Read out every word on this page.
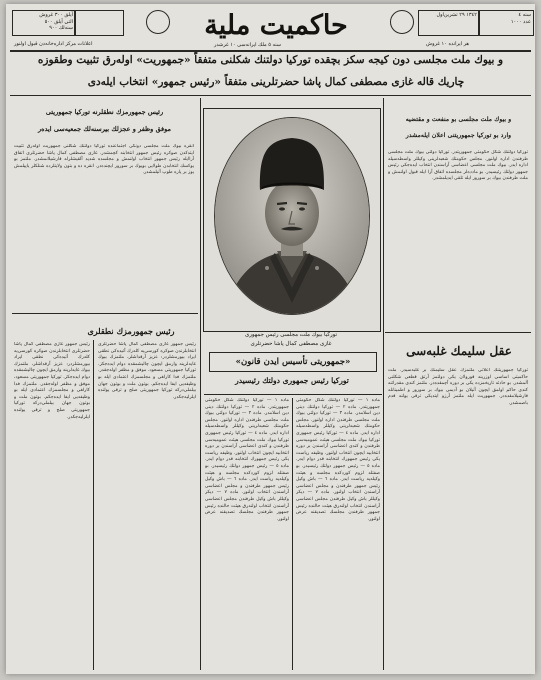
آيلق ٣٠٠ غروش
التي آيلق ٥٠٠
سنه‌لك ٩٠٠
	حاكميت ملية	١٣٤٢ ۲۹ تشرين‌اول	سنه ٤
عدد ۱۰۰۰
اعلانات مركز اداره‌خانه‌دن قبول اولنور	سنه ٥ ملك ايرانه‌سی ١٠ غرشدر	هر ايرانده ١٠ غروش
و بيوك ملت مجلسی دون كيجه سكز بچقده تورکيا دولتنك شكلنی متفقاً «جمهوريت» اولەرق تثبيت وطقوزه
چاريك قالە غازی مصطفی كمال پاشا حضرتلرينی متفقاً «رئيس جمهور» انتخاب ايلەدی
رئيس جمهورمزك نطقلرنه تورکيا جمهوريتی
موفق وظفر و عجزلك بيرسنه‌لك جمعيەسی ايده‌ر
انقره بيوك ملت مجلسی دونكی اجتماعنده تورکيا دولتنك شكلنی جمهوريت اولەرق تثبيت ايتدكدن صوكره رئيس جمهور انتخابنه كچمشدر. غازی مصطفی كمال پاشا حضرتلری اتفاق آراايله رئيس جمهور انتخاب اولنمش و مجلسده شديد آلقيشلرله قارشيلانمشدر. ملتمز بو يوكسك انتخابدن طولايی بويوك بر سورور ايچنده‌در. انقره ده و بتون ولايتلرده شنلكلر ياپيلمش يوز بر پاره طوپ آتيلمشدر.
رئيس جمهورمزك نطقلری
رئيس جمهور غازی مصطفی كمال پاشا حضرتلری انتخابلرندن صوكره كورسی‌يه كله‌رك آتيده‌كی نطقی ايراد بيورمشلردر: عزيز آرقداشلر، ملتمزك بيوك غايه‌لرينه وارمق ايچون چاليشمقده دوام ايده‌جكز. تورکيا جمهوريتی مسعود، موفق و مظفر اوله‌جقدر. ملتمزك فدا كارلغی و مجلسمزك اعتمادی ايله بو وظيفه‌يی ايفا ايده‌جكم. بوتون ملت و بوتون جهان بيلملی‌درکه تورکيا جمهوريتی صلح و ترقی يولنده ايلرلیه‌جكدر.
رئيس جمهور غازی مصطفی كمال پاشا حضرتلری انتخابلرندن صوكره كورسی‌يه كله‌رك آتيده‌كی نطقی ايراد بيورمشلردر: عزيز آرقداشلر، ملتمزك بيوك غايه‌لرينه وارمق ايچون چاليشمقده دوام ايده‌جكز. تورکيا جمهوريتی مسعود، موفق و مظفر اوله‌جقدر. ملتمزك فدا كارلغی و مجلسمزك اعتمادی ايله بو وظيفه‌يی ايفا ايده‌جكم. بوتون ملت و بوتون جهان بيلملی‌درکه تورکيا جمهوريتی صلح و ترقی يولنده ايلرلیه‌جكدر.
تورکيا بيوك ملت مجلسی رئيس جمهوری
غازی مصطفی كمال پاشا حضرتلری
«جمهوريتی تأسيس ايدن قانون»
تورکيا رئيس جمهوری دولتك رئيسيدر
ماده ١ — تورکيا دولتنك شكل حكومتی جمهوريتدر. ماده ٢ — تورکيا دولتنك دينی دين اسلامدر. ماده ٣ — تورکيا دولتی بيوك ملت مجلسی طرفندن اداره اولنور. مجلس حكومتك شعبه‌لرينی وكيللر واسطه‌سيله اداره ايدر. ماده ٤ — تورکيا رئيس جمهوری تورکيا بيوك ملت مجلسی هيئت عموميه‌سی طرفندن و كندی اعضاسی آراسندن بر دوره انتخابيه ايچون انتخاب اولنور. وظيفه رياست يكی رئيس جمهورك انتخابنه قدر دوام ايدر. ماده ٥ — رئيس جمهور دولتك رئيسيدر. بو صفتله لزوم كوردكده مجلسه و هيئت وكيله‌يه رياست ايدر. ماده ٦ — باش وكيل رئيس جمهور طرفندن و مجلس اعضاسی آراسندن انتخاب اولنور. ماده ٧ — ديكر وكيللر باش وكيل طرفندن مجلس اعضاسی آراسندن انتخاب اولنه‌رق هيئت حالنده رئيس جمهور طرفندن مجلسك تصديقنه عرض اولنور.
ماده ١ — تورکيا دولتنك شكل حكومتی جمهوريتدر. ماده ٢ — تورکيا دولتنك دينی دين اسلامدر. ماده ٣ — تورکيا دولتی بيوك ملت مجلسی طرفندن اداره اولنور. مجلس حكومتك شعبه‌لرينی وكيللر واسطه‌سيله اداره ايدر. ماده ٤ — تورکيا رئيس جمهوری تورکيا بيوك ملت مجلسی هيئت عموميه‌سی طرفندن و كندی اعضاسی آراسندن بر دوره انتخابيه ايچون انتخاب اولنور. وظيفه رياست يكی رئيس جمهورك انتخابنه قدر دوام ايدر. ماده ٥ — رئيس جمهور دولتك رئيسيدر. بو صفتله لزوم كوردكده مجلسه و هيئت وكيله‌يه رياست ايدر. ماده ٦ — باش وكيل رئيس جمهور طرفندن و مجلس اعضاسی آراسندن انتخاب اولنور. ماده ٧ — ديكر وكيللر باش وكيل طرفندن مجلس اعضاسی آراسندن انتخاب اولنه‌رق هيئت حالنده رئيس جمهور طرفندن مجلسك تصديقنه عرض اولنور.
و بيوك ملت مجلسی بو منفعت و مقتضيه
وارد بو تورکيا جمهوريتنی اعلان ايلەمشدر
تورکيا دولتنك شكل حكومتی جمهوريتدر. تورکيا دولتی بيوك ملت مجلسی طرفندن اداره اولنور. مجلس حكومتك شعبه‌لرينی وكيللر واسطه‌سيله اداره ايدر. بيوك ملت مجلسی اعضاسی آراسندن انتخاب ايده‌جكی رئيس جمهور دولتك رئيسيدر. بو مادده‌لر مجلسده اتفاق آرا ايله قبول اولنمش و ملت طرفندن بيوك بر سورور ايله تلقی ايديلمشدر.
عقل سليمك غلبەسی
تورکيا جمهوريتنك اعلانی ملتمزك عقل سليمنك بر غلبه‌سيدر. ملت حاكميتی اساسی اوزرينه قورولان يكی دولتمز آرتق قطعی شكلنی آلمشدر. بو حادثه تاريخمزده يكی بر دوره آچمقده‌در. ملتمز كندی مقدراتنه كندی حاكم اولمق ايچون آتيلان بو آديمی بيوك بر سورور و اطمينانله قارشيلامقده‌در. جمهوريت ايله ملتمز آرزو ايتديكی ترقی يولنه قدم باصمشدر.
